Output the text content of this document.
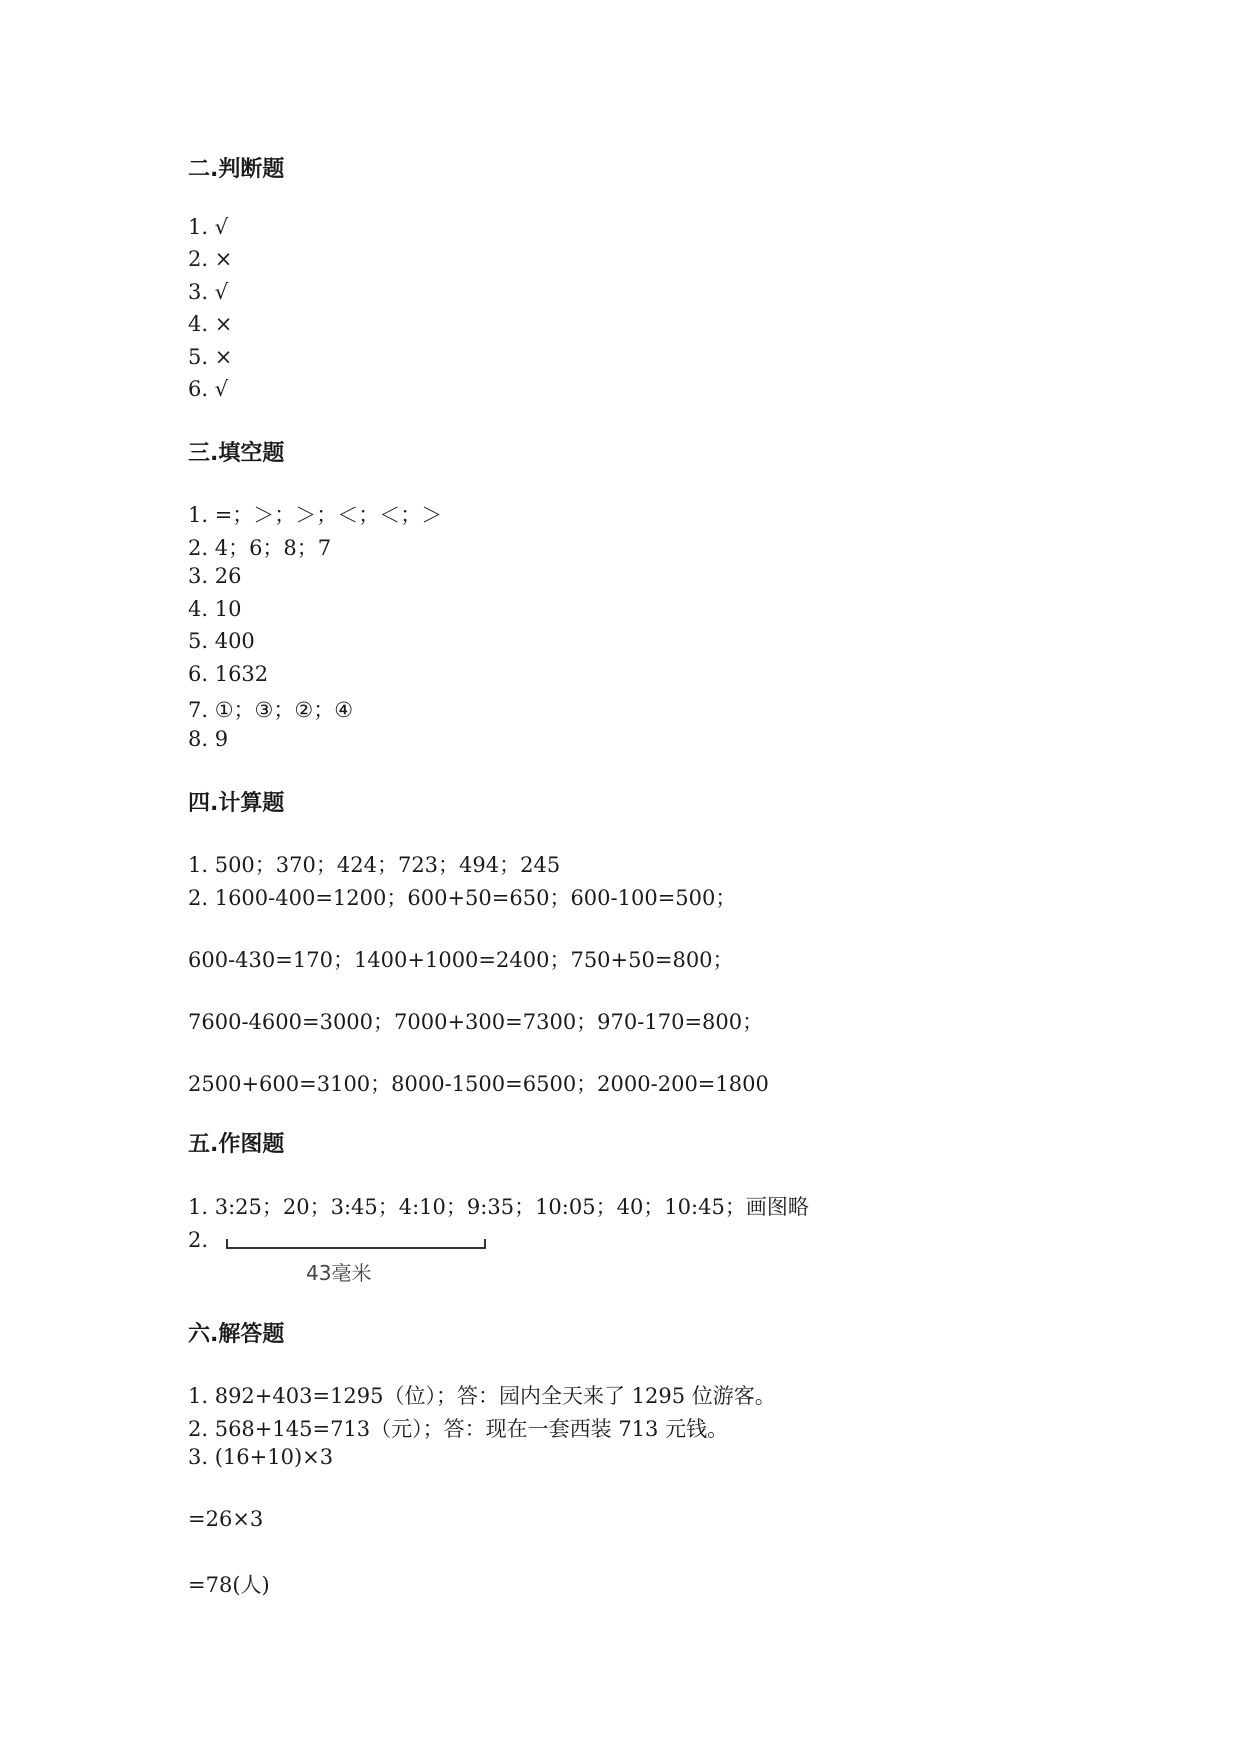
二.判断题
1. √
2. ×
3. √
4. ×
5. ×
6. √
三.填空题
1. =；＞；＞；＜；＜；＞
2. 4；6；8；7
3. 26
4. 10
5. 400
6. 1632
7. ①；③；②；④
8. 9
四.计算题
1. 500；370；424；723；494；245
2. 1600-400=1200；600+50=650；600-100=500；
600-430=170；1400+1000=2400；750+50=800；
7600-4600=3000；7000+300=7300；970-170=800；
2500+600=3100；8000-1500=6500；2000-200=1800
五.作图题
1. 3:25；20；3:45；4:10；9:35；10:05；40；10:45；画图略
2.
43毫米
六.解答题
1. 892+403=1295（位）；答：园内全天来了 1295 位游客。
2. 568+145=713（元）；答：现在一套西装 713 元钱。
3. (16+10)×3
=26×3
=78(人)
